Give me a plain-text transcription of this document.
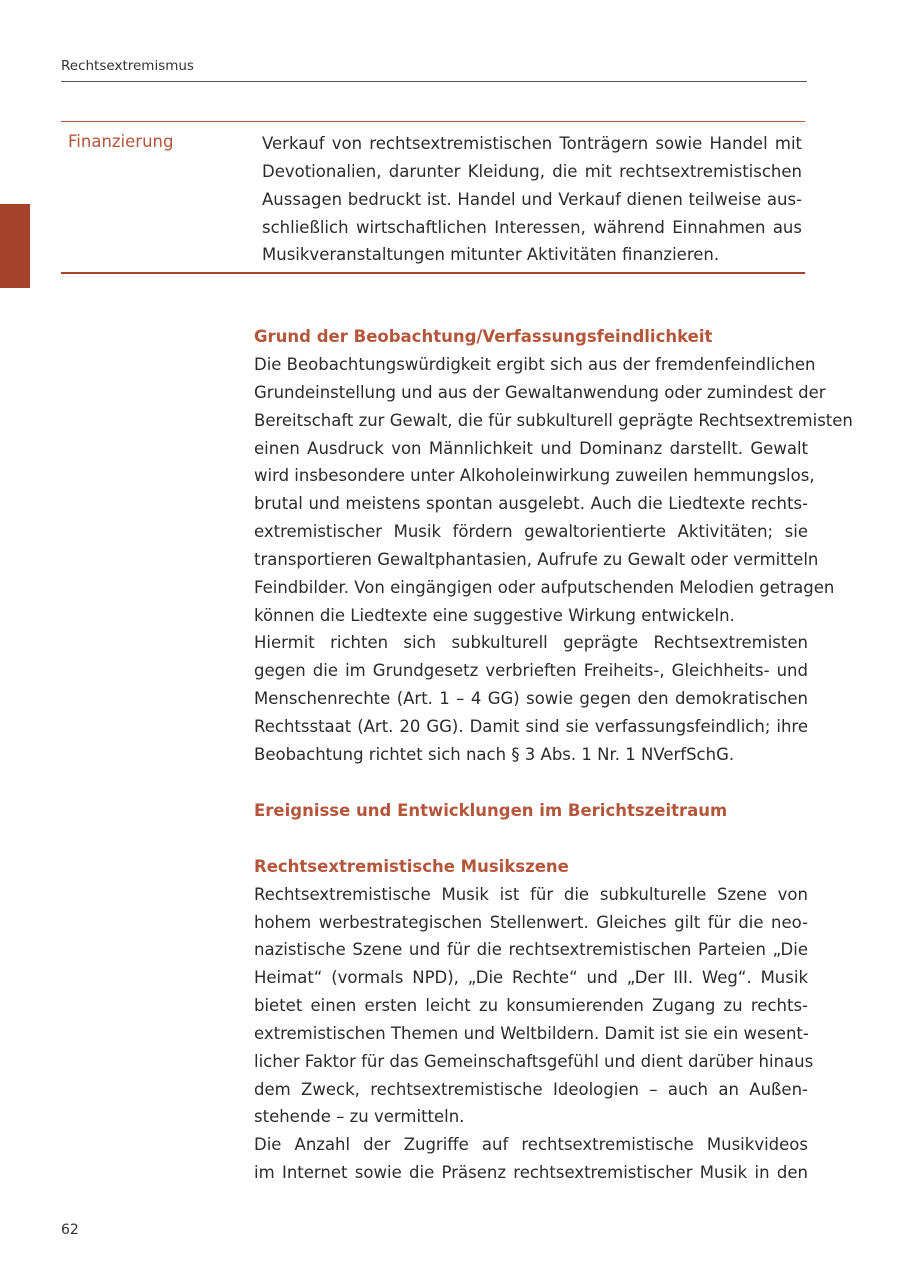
Rechtsextremismus
Finanzierung	Verkauf von rechtsextremistischen Tonträgern sowie Handel mit
Devotionalien, darunter Kleidung, die mit rechtsextremistischen
Aussagen bedruckt ist. Handel und Verkauf dienen teilweise aus-
schließlich wirtschaftlichen Interessen, während Einnahmen aus
Musikveranstaltungen mitunter Aktivitäten finanzieren.
Grund der Beobachtung/Verfassungsfeindlichkeit

Die Beobachtungswürdigkeit ergibt sich aus der fremdenfeindlichen
Grundeinstellung und aus der Gewaltanwendung oder zumindest der
Bereitschaft zur Gewalt, die für subkulturell geprägte Rechtsextremisten
einen Ausdruck von Männlichkeit und Dominanz darstellt. Gewalt
wird insbesondere unter Alkoholeinwirkung zuweilen hemmungslos,
brutal und meistens spontan ausgelebt. Auch die Liedtexte rechts-
extremistischer Musik fördern gewaltorientierte Aktivitäten; sie
transportieren Gewaltphantasien, Aufrufe zu Gewalt oder vermitteln
Feindbilder. Von eingängigen oder aufputschenden Melodien getragen
können die Liedtexte eine suggestive Wirkung entwickeln.

Hiermit richten sich subkulturell geprägte Rechtsextremisten
gegen die im Grundgesetz verbrieften Freiheits-, Gleichheits- und
Menschenrechte (Art. 1 – 4 GG) sowie gegen den demokratischen
Rechtsstaat (Art. 20 GG). Damit sind sie verfassungsfeindlich; ihre
Beobachtung richtet sich nach § 3 Abs. 1 Nr. 1 NVerfSchG.

Ereignisse und Entwicklungen im Berichtszeitraum
Rechtsextremistische Musikszene

Rechtsextremistische Musik ist für die subkulturelle Szene von
hohem werbestrategischen Stellenwert. Gleiches gilt für die neo-
nazistische Szene und für die rechtsextremistischen Parteien „Die
Heimat“ (vormals NPD), „Die Rechte“ und „Der III. Weg“. Musik
bietet einen ersten leicht zu konsumierenden Zugang zu rechts-
extremistischen Themen und Weltbildern. Damit ist sie ein wesent-
licher Faktor für das Gemeinschaftsgefühl und dient darüber hinaus
dem Zweck, rechtsextremistische Ideologien – auch an Außen-
stehende – zu vermitteln.

Die Anzahl der Zugriffe auf rechtsextremistische Musikvideos
im Internet sowie die Präsenz rechtsextremistischer Musik in den

62
